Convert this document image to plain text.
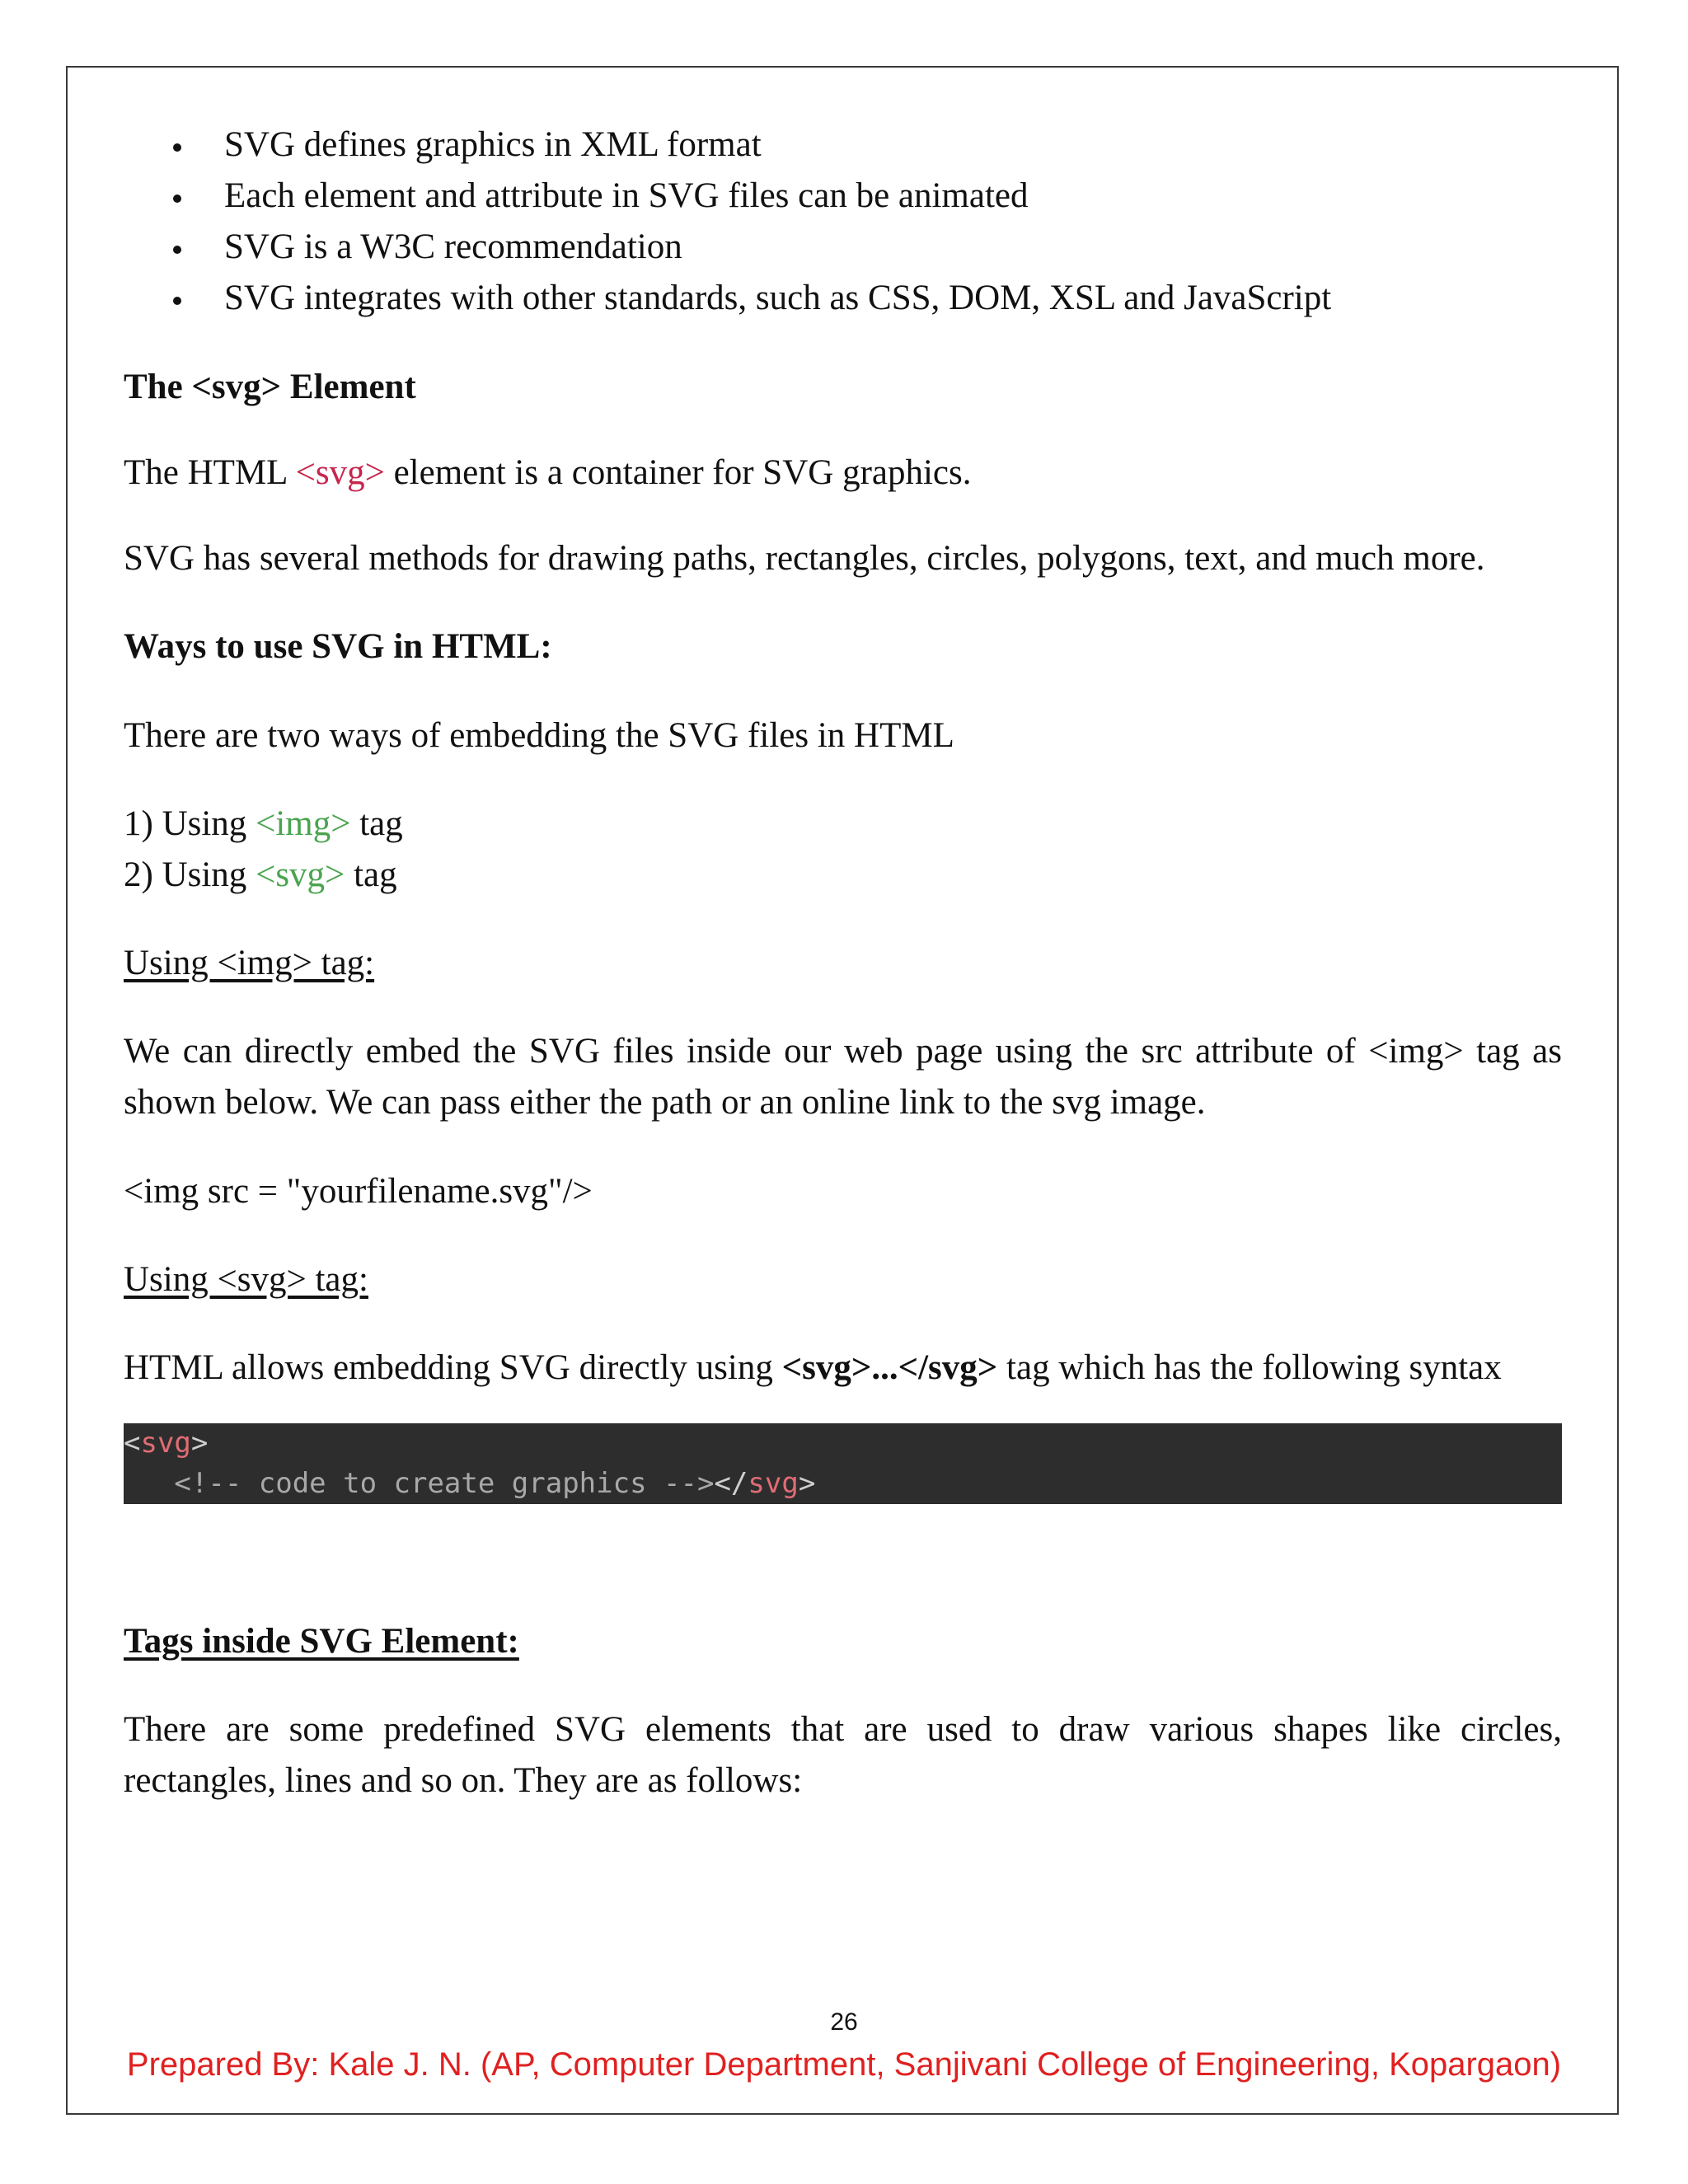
SVG defines graphics in XML format
Each element and attribute in SVG files can be animated
SVG is a W3C recommendation
SVG integrates with other standards, such as CSS, DOM, XSL and JavaScript

The <svg> Element

The HTML <svg> element is a container for SVG graphics.

SVG has several methods for drawing paths, rectangles, circles, polygons, text, and much more.

Ways to use SVG in HTML:

There are two ways of embedding the SVG files in HTML

1) Using <img> tag

2) Using <svg> tag

Using <img> tag:

We can directly embed the SVG files inside our web page using the src attribute of <img> tag as shown below. We can pass either the path or an online link to the svg image.

<img src = "yourfilename.svg"/>

Using <svg> tag:

HTML allows embedding SVG directly using <svg>...</svg> tag which has the following syntax

<svg>
<!-- code to create graphics --></svg>

Tags inside SVG Element:

There are some predefined SVG elements that are used to draw various shapes like circles, rectangles, lines and so on. They are as follows:

26
Prepared By: Kale J. N. (AP, Computer Department, Sanjivani College of Engineering, Kopargaon)
